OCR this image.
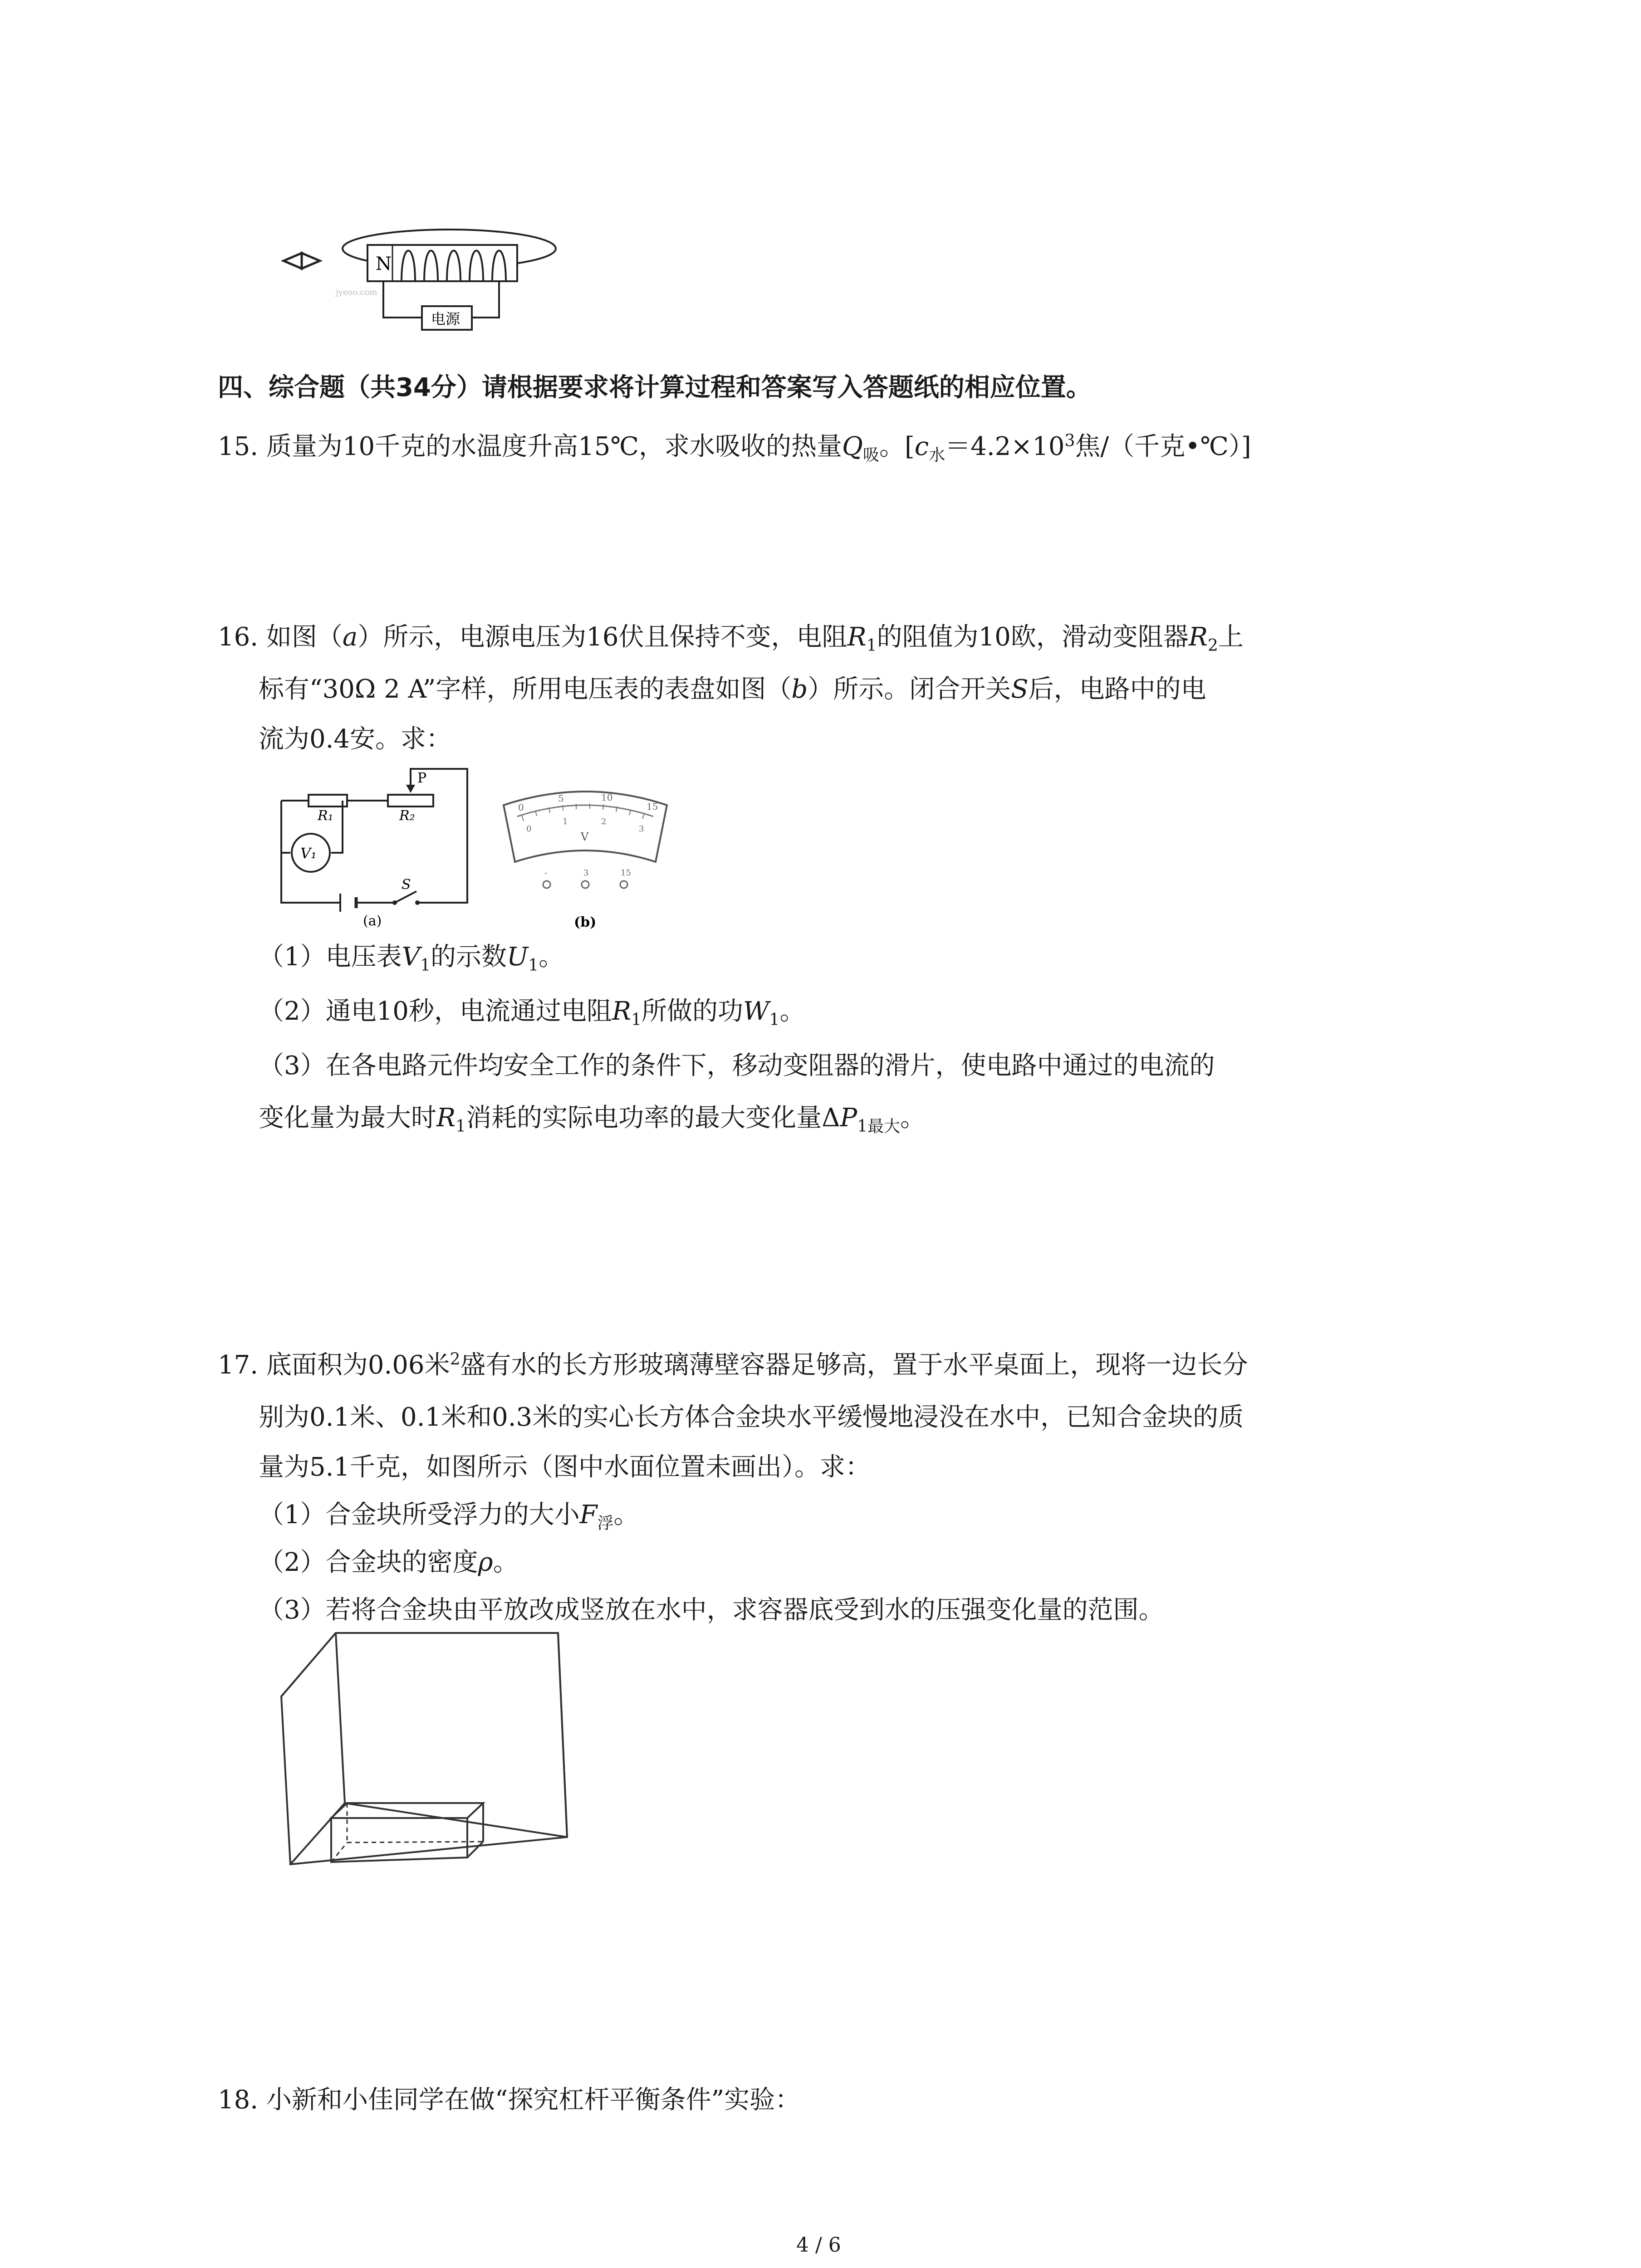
N
电源
jyeoo.com
四、综合题（共34分）请根据要求将计算过程和答案写入答题纸的相应位置。
15. 质量为10千克的水温度升高15℃，求水吸收的热量$Q_吸$。[$c_水=4.2\times 10^3$焦/（千克•℃）]
16. 如图（a）所示，电源电压为16伏且保持不变，电阻$R_1$的阻值为10欧，滑动变阻器$R_2$上
标有“30Ω 2 A”字样，所用电压表的表盘如图（b）所示。闭合开关S后，电路中的电
流为0.4安。求：
R₁	R₂
P
V₁
S
(a)
0
5	10
15
0
1	2
3
V
-	3	15
(b)
（1）电压表$V_1$的示数$U_1$。
（2）通电10秒，电流通过电阻$R_1$所做的功$W_1$。
（3）在各电路元件均安全工作的条件下，移动变阻器的滑片，使电路中通过的电流的
变化量为最大时$R_1$消耗的实际电功率的最大变化量$\Delta P_{1最大}$。
17. 底面积为0.06米$^2$盛有水的长方形玻璃薄壁容器足够高，置于水平桌面上，现将一边长分
别为0.1米、0.1米和0.3米的实心长方体合金块水平缓慢地浸没在水中，已知合金块的质
量为5.1千克，如图所示（图中水面位置未画出）。求：
（1）合金块所受浮力的大小$F_浮$。
（2）合金块的密度ρ。
（3）若将合金块由平放改成竖放在水中，求容器底受到水的压强变化量的范围。
18. 小新和小佳同学在做“探究杠杆平衡条件”实验：
4 / 6
